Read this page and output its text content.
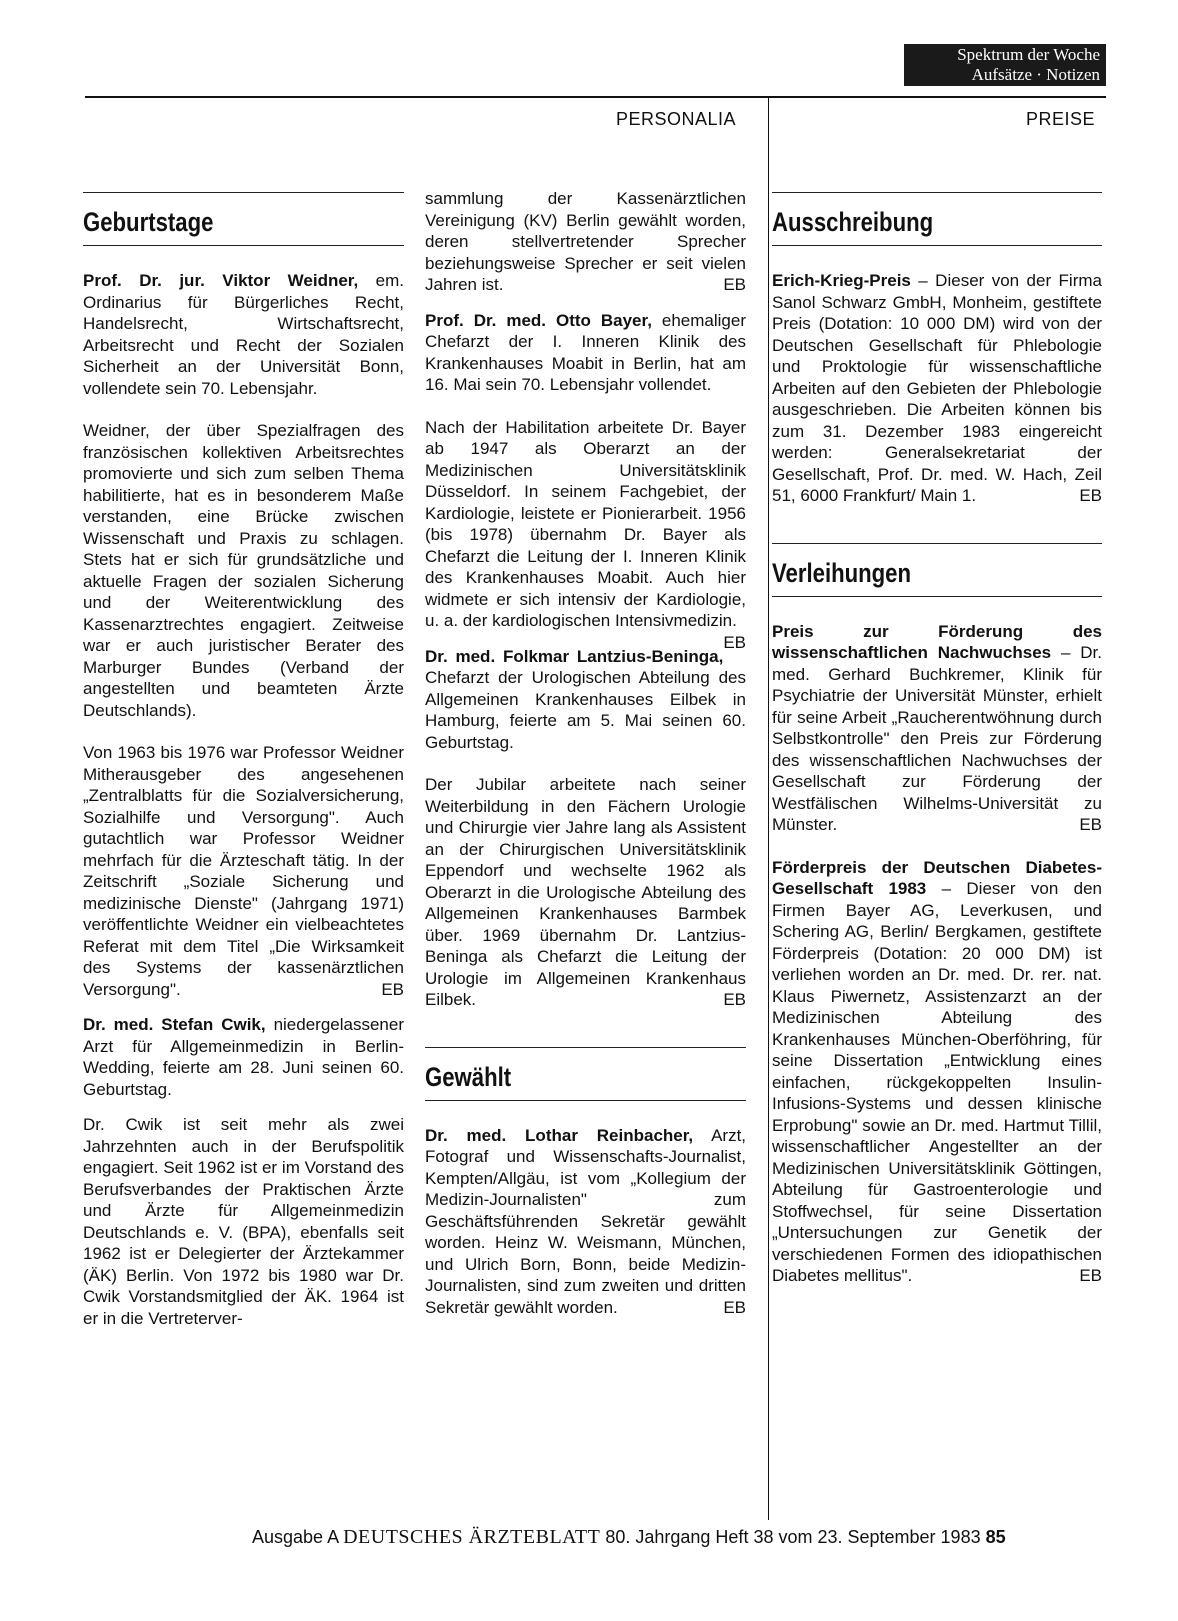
Spektrum der Woche
Aufsätze · Notizen
PERSONALIA	PREISE
Geburtstage

Prof. Dr. jur. Viktor Weidner, em. Ordinarius für Bürgerliches Recht, Handelsrecht, Wirtschaftsrecht, Arbeitsrecht und Recht der Sozialen Sicherheit an der Universität Bonn, vollendete sein 70. Lebensjahr.

Weidner, der über Spezialfragen des französischen kollektiven Arbeitsrechtes promovierte und sich zum selben Thema habilitierte, hat es in besonderem Maße verstanden, eine Brücke zwischen Wissenschaft und Praxis zu schlagen. Stets hat er sich für grundsätzliche und aktuelle Fragen der sozialen Sicherung und der Weiterentwicklung des Kassenarztrechtes engagiert. Zeitweise war er auch juristischer Berater des Marburger Bundes (Verband der angestellten und beamteten Ärzte Deutschlands).

Von 1963 bis 1976 war Professor Weidner Mitherausgeber des angesehenen „Zentralblatts für die Sozialversicherung, Sozialhilfe und Versorgung". Auch gutachtlich war Professor Weidner mehrfach für die Ärzteschaft tätig. In der Zeitschrift „Soziale Sicherung und medizinische Dienste" (Jahrgang 1971) veröffentlichte Weidner ein vielbeachtetes Referat mit dem Titel „Die Wirksamkeit des Systems der kassenärztlichen Versorgung".	EB

Dr. med. Stefan Cwik, niedergelassener Arzt für Allgemeinmedizin in Berlin-Wedding, feierte am 28. Juni seinen 60. Geburtstag.

Dr. Cwik ist seit mehr als zwei Jahrzehnten auch in der Berufspolitik engagiert. Seit 1962 ist er im Vorstand des Berufsverbandes der Praktischen Ärzte und Ärzte für Allgemeinmedizin Deutschlands e. V. (BPA), ebenfalls seit 1962 ist er Delegierter der Ärztekammer (ÄK) Berlin. Von 1972 bis 1980 war Dr. Cwik Vorstandsmitglied der ÄK. 1964 ist er in die Vertreterver-

sammlung der Kassenärztlichen Vereinigung (KV) Berlin gewählt worden, deren stellvertretender Sprecher beziehungsweise Sprecher er seit vielen Jahren ist.	EB

Prof. Dr. med. Otto Bayer, ehemaliger Chefarzt der I. Inneren Klinik des Krankenhauses Moabit in Berlin, hat am 16. Mai sein 70. Lebensjahr vollendet.

Nach der Habilitation arbeitete Dr. Bayer ab 1947 als Oberarzt an der Medizinischen Universitätsklinik Düsseldorf. In seinem Fachgebiet, der Kardiologie, leistete er Pionierarbeit. 1956 (bis 1978) übernahm Dr. Bayer als Chefarzt die Leitung der I. Inneren Klinik des Krankenhauses Moabit. Auch hier widmete er sich intensiv der Kardiologie, u. a. der kardiologischen Intensivmedizin.
EB

Dr. med. Folkmar Lantzius-Beninga, Chefarzt der Urologischen Abteilung des Allgemeinen Krankenhauses Eilbek in Hamburg, feierte am 5. Mai seinen 60. Geburtstag.

Der Jubilar arbeitete nach seiner Weiterbildung in den Fächern Urologie und Chirurgie vier Jahre lang als Assistent an der Chirurgischen Universitätsklinik Eppendorf und wechselte 1962 als Oberarzt in die Urologische Abteilung des Allgemeinen Krankenhauses Barmbek über. 1969 übernahm Dr. Lantzius-Beninga als Chefarzt die Leitung der Urologie im Allgemeinen Krankenhaus Eilbek.	EB

Gewählt

Dr. med. Lothar Reinbacher, Arzt, Fotograf und Wissenschafts-Journalist, Kempten/Allgäu, ist vom „Kollegium der Medizin-Journalisten" zum Geschäftsführenden Sekretär gewählt worden. Heinz W. Weismann, München, und Ulrich Born, Bonn, beide Medizin-Journalisten, sind zum zweiten und dritten Sekretär gewählt worden.	EB

Ausschreibung

Erich-Krieg-Preis – Dieser von der Firma Sanol Schwarz GmbH, Monheim, gestiftete Preis (Dotation: 10 000 DM) wird von der Deutschen Gesellschaft für Phlebologie und Proktologie für wissenschaftliche Arbeiten auf den Gebieten der Phlebologie ausgeschrieben. Die Arbeiten können bis zum 31. Dezember 1983 eingereicht werden: Generalsekretariat der Gesellschaft, Prof. Dr. med. W. Hach, Zeil 51, 6000 Frankfurt/ Main 1.	EB

Verleihungen

Preis zur Förderung des wissenschaftlichen Nachwuchses – Dr. med. Gerhard Buchkremer, Klinik für Psychiatrie der Universität Münster, erhielt für seine Arbeit „Raucherentwöhnung durch Selbstkontrolle" den Preis zur Förderung des wissenschaftlichen Nachwuchses der Gesellschaft zur Förderung der Westfälischen Wilhelms-Universität zu Münster.	EB

Förderpreis der Deutschen Diabetes-Gesellschaft 1983 – Dieser von den Firmen Bayer AG, Leverkusen, und Schering AG, Berlin/ Bergkamen, gestiftete Förderpreis (Dotation: 20 000 DM) ist verliehen worden an Dr. med. Dr. rer. nat. Klaus Piwernetz, Assistenzarzt an der Medizinischen Abteilung des Krankenhauses München-Oberföhring, für seine Dissertation „Entwicklung eines einfachen, rückgekoppelten Insulin-Infusions-Systems und dessen klinische Erprobung" sowie an Dr. med. Hartmut Tillil, wissenschaftlicher Angestellter an der Medizinischen Universitätsklinik Göttingen, Abteilung für Gastroenterologie und Stoffwechsel, für seine Dissertation „Untersuchungen zur Genetik der verschiedenen Formen des idiopathischen Diabetes mellitus".	EB

Ausgabe A DEUTSCHES ÄRZTEBLATT 80. Jahrgang Heft 38 vom 23. September 1983 85
